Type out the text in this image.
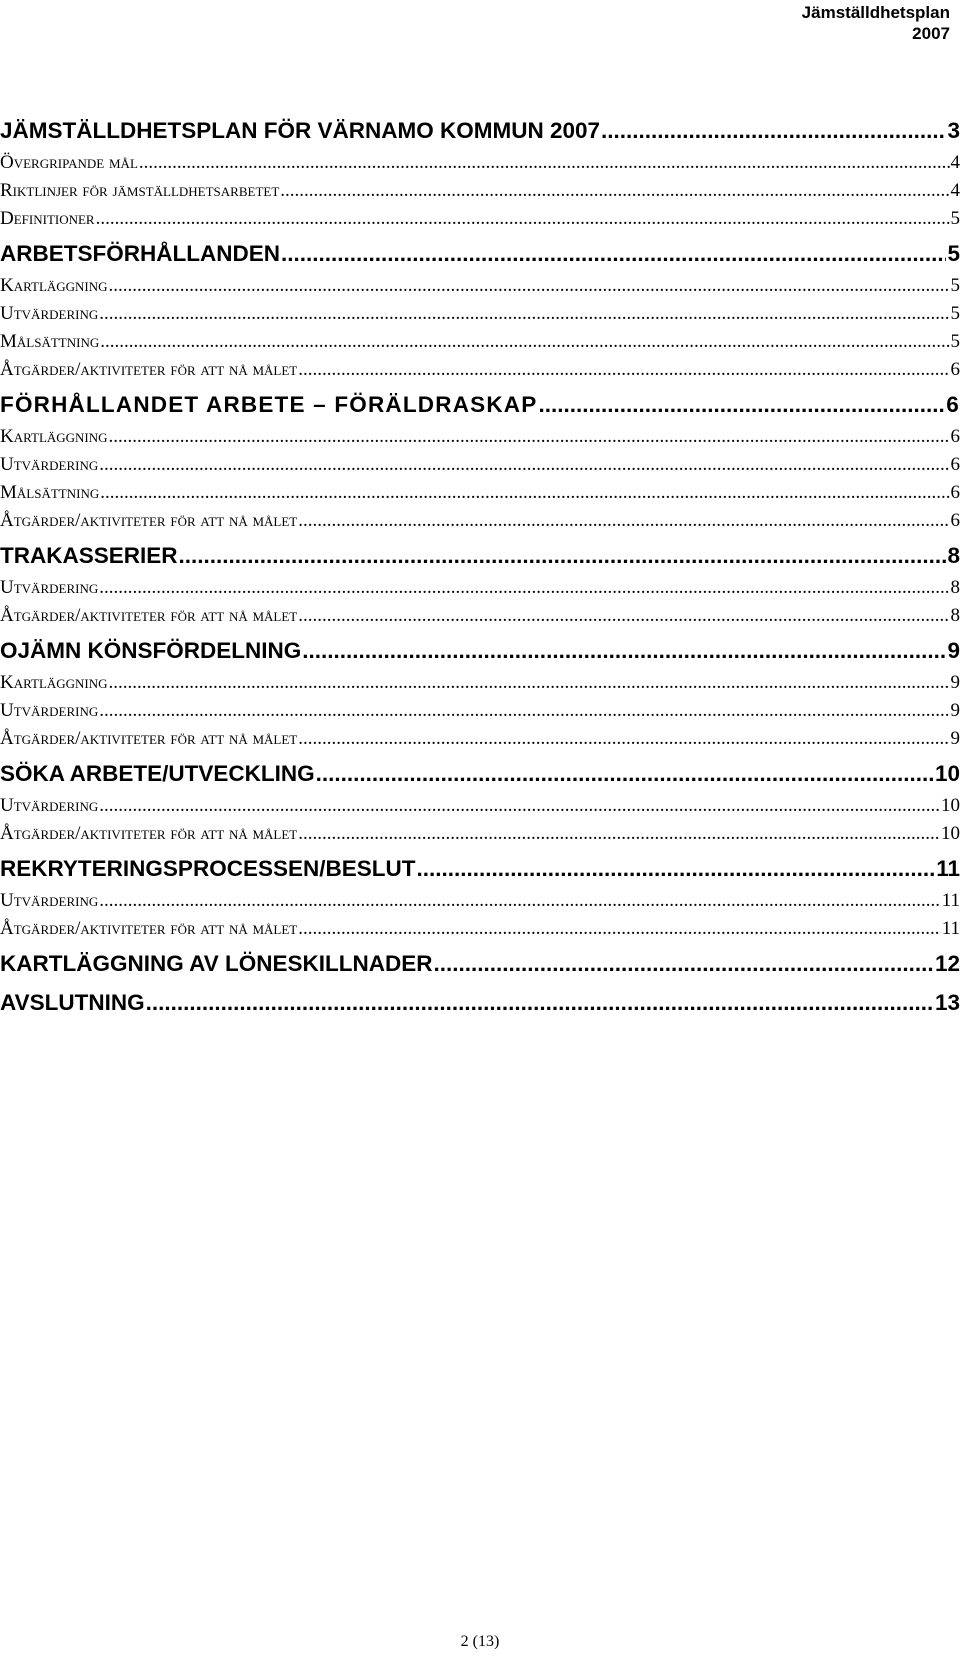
Jämställdhetsplan
2007
JÄMSTÄLLDHETSPLAN FÖR VÄRNAMO KOMMUN 2007 .....	3
Övergripande mål .....	4
Riktlinjer för jämställdhetsarbetet .....	4
Definitioner .....	5
ARBETSFÖRHÅLLANDEN .....	5
Kartläggning .....	5
Utvärdering .....	5
Målsättning .....	5
Åtgärder/aktiviteter för att nå målet .....	6
FÖRHÅLLANDET ARBETE – FÖRÄLDRASKAP .....	6
Kartläggning .....	6
Utvärdering .....	6
Målsättning .....	6
Åtgärder/aktiviteter för att nå målet .....	6
TRAKASSERIER .....	8
Utvärdering .....	8
Åtgärder/aktiviteter för att nå målet .....	8
OJÄMN KÖNSFÖRDELNING .....	9
Kartläggning .....	9
Utvärdering .....	9
Åtgärder/aktiviteter för att nå målet .....	9
SÖKA ARBETE/UTVECKLING .....	10
Utvärdering .....	10
Åtgärder/aktiviteter för att nå målet .....	10
REKRYTERINGSPROCESSEN/BESLUT .....	11
Utvärdering .....	11
Åtgärder/aktiviteter för att nå målet .....	11
KARTLÄGGNING AV LÖNESKILLNADER .....	12
AVSLUTNING .....	13
2 (13)
